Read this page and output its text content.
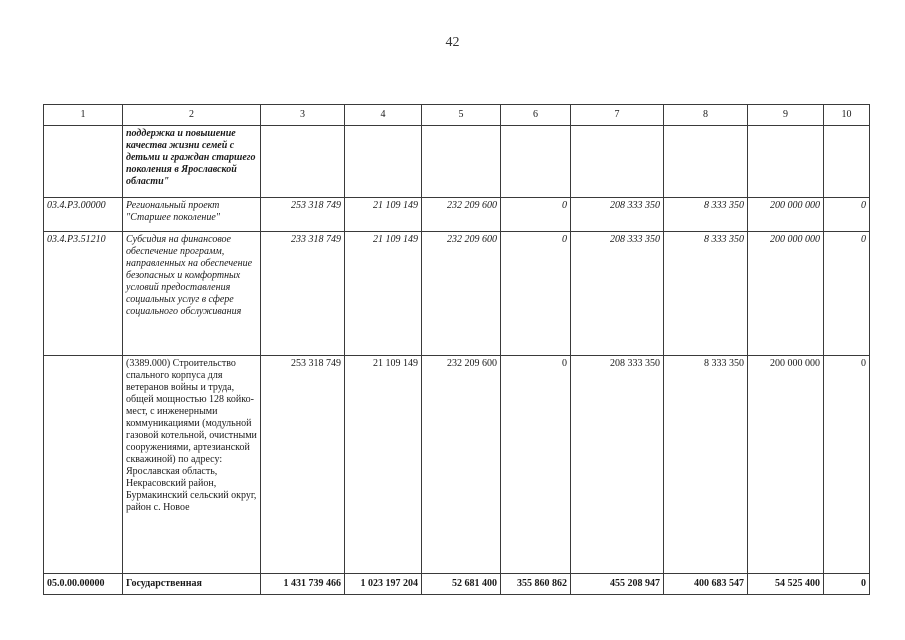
42
1	2	3	4	5	6	7	8	9	10
	поддержка и повышение качества жизни семей с детьми и граждан старшего поколения в Ярославской области"								
03.4.P3.00000	Региональный проект "Старшее поколение"	253 318 749	21 109 149	232 209 600	0	208 333 350	8 333 350	200 000 000	0
03.4.P3.51210	Субсидия на финансовое обеспечение программ, направленных на обеспечение безопасных и комфортных условий предоставления социальных услуг в сфере социального обслуживания	233 318 749	21 109 149	232 209 600	0	208 333 350	8 333 350	200 000 000	0
	(3389.000) Строительство спального корпуса для ветеранов войны и труда, общей мощностью 128 койко-мест, с инженерными коммуникациями (модульной газовой котельной, очистными сооружениями, артезианской скважиной) по адресу: Ярославская область, Некрасовский район, Бурмакинский сельский округ, район с. Новое	253 318 749	21 109 149	232 209 600	0	208 333 350	8 333 350	200 000 000	0
05.0.00.00000	Государственная	1 431 739 466	1 023 197 204	52 681 400	355 860 862	455 208 947	400 683 547	54 525 400	0
